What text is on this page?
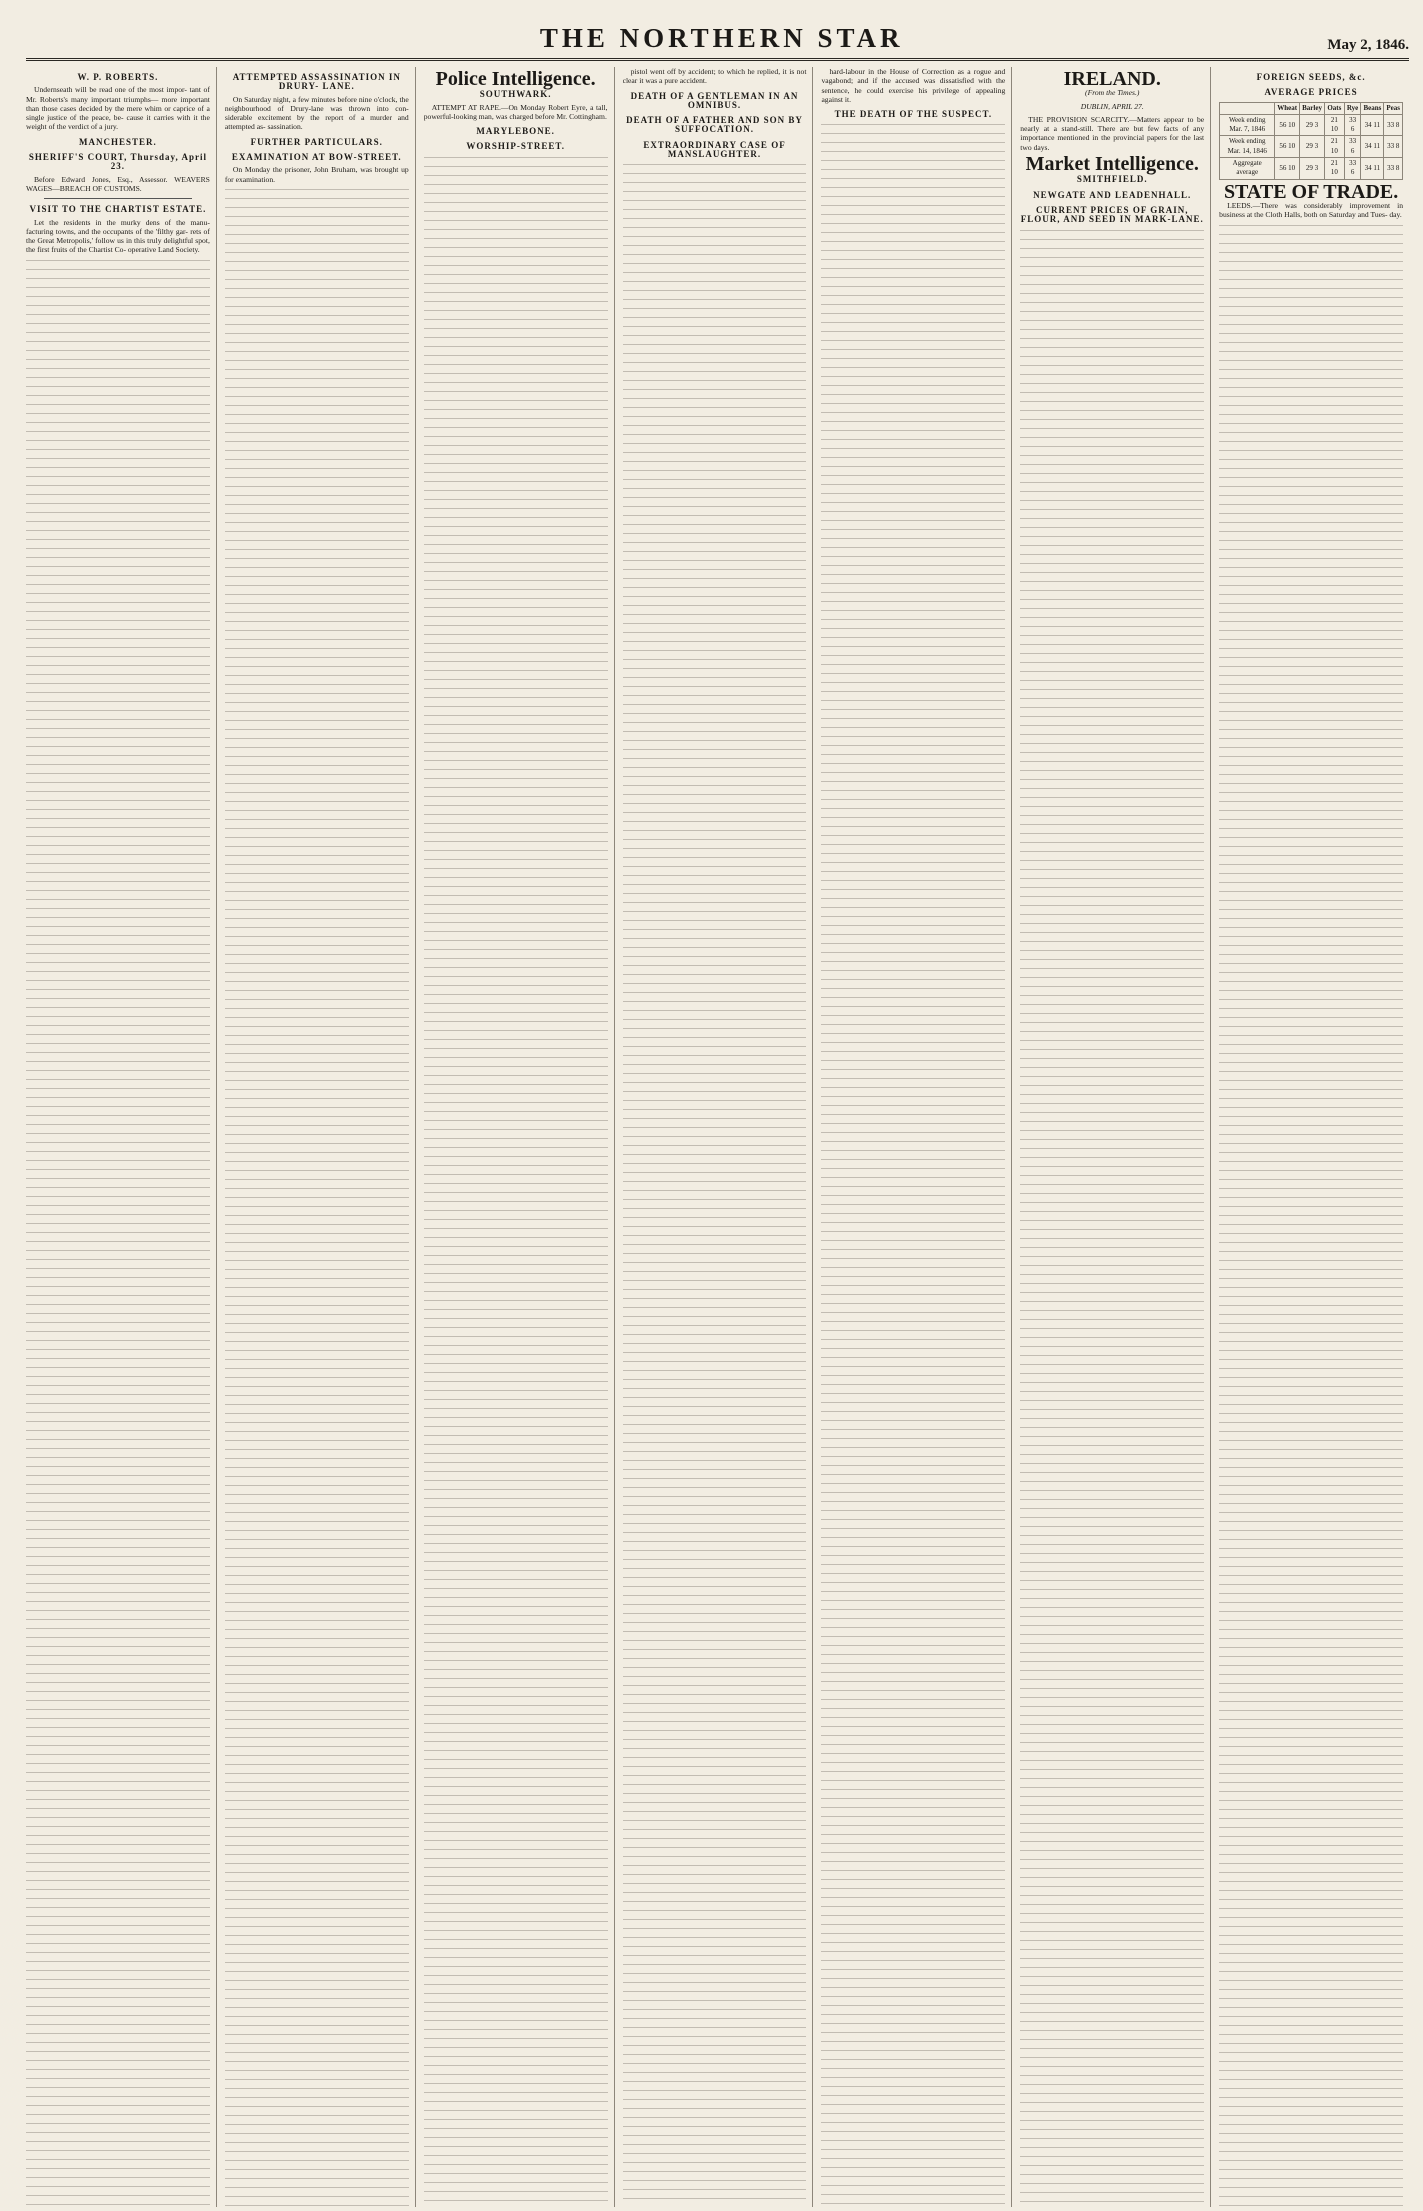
THE NORTHERN STAR	May 2, 1846.
W. P. ROBERTS.

Undernseath will be read one of the most impor- tant of Mr. Roberts's many important triumphs— more important than those cases decided by the mere whim or caprice of a single justice of the peace, be- cause it carries with it the weight of the verdict of a jury.

MANCHESTER.
SHERIFF'S COURT, Thursday, April 23.

Before Edward Jones, Esq., Assessor. WEAVERS WAGES—BREACH OF CUSTOMS.

VISIT TO THE CHARTIST ESTATE.

Let the residents in the murky dens of the manu- facturing towns, and the occupants of the 'filthy gar- rets of the Great Metropolis,' follow us in this truly delightful spot, the first fruits of the Chartist Co- operative Land Society.

ATTEMPTED ASSASSINATION IN DRURY- LANE.

On Saturday night, a few minutes before nine o'clock, the neighbourhood of Drury-lane was thrown into con- siderable excitement by the report of a murder and attempted as- sassination.

FURTHER PARTICULARS.
EXAMINATION AT BOW-STREET.

On Monday the prisoner, John Bruham, was brought up for examination.

Police Intelligence.
SOUTHWARK.

ATTEMPT AT RAPE.—On Monday Robert Eyre, a tall, powerful-looking man, was charged before Mr. Cottingham.

MARYLEBONE.
WORSHIP-STREET.

pistol went off by accident; to which he replied, it is not clear it was a pure accident.

DEATH OF A GENTLEMAN IN AN OMNIBUS.
DEATH OF A FATHER AND SON BY SUFFOCATION.
EXTRAORDINARY CASE OF MANSLAUGHTER.

hard-labour in the House of Correction as a rogue and vagabond; and if the accused was dissatisfied with the sentence, he could exercise his privilege of appealing against it.

THE DEATH OF THE SUSPECT.
IRELAND.
(From the Times.)
DUBLIN, APRIL 27.

THE PROVISION SCARCITY.—Matters appear to be nearly at a stand-still. There are but few facts of any importance mentioned in the provincial papers for the last two days.

Market Intelligence.
SMITHFIELD.
NEWGATE AND LEADENHALL.
CURRENT PRICES OF GRAIN, FLOUR, AND SEED IN MARK-LANE.
FOREIGN SEEDS, &c.
AVERAGE PRICES
	Wheat	Barley	Oats	Rye	Beans	Peas
Week ending Mar. 7, 1846	56 10	29 3	21 10	33 6	34 11	33 8
Week ending Mar. 14, 1846	56 10	29 3	21 10	33 6	34 11	33 8
Aggregate average	56 10	29 3	21 10	33 6	34 11	33 8
STATE OF TRADE.

LEEDS.—There was considerably improvement in business at the Cloth Halls, both on Saturday and Tues- day.
